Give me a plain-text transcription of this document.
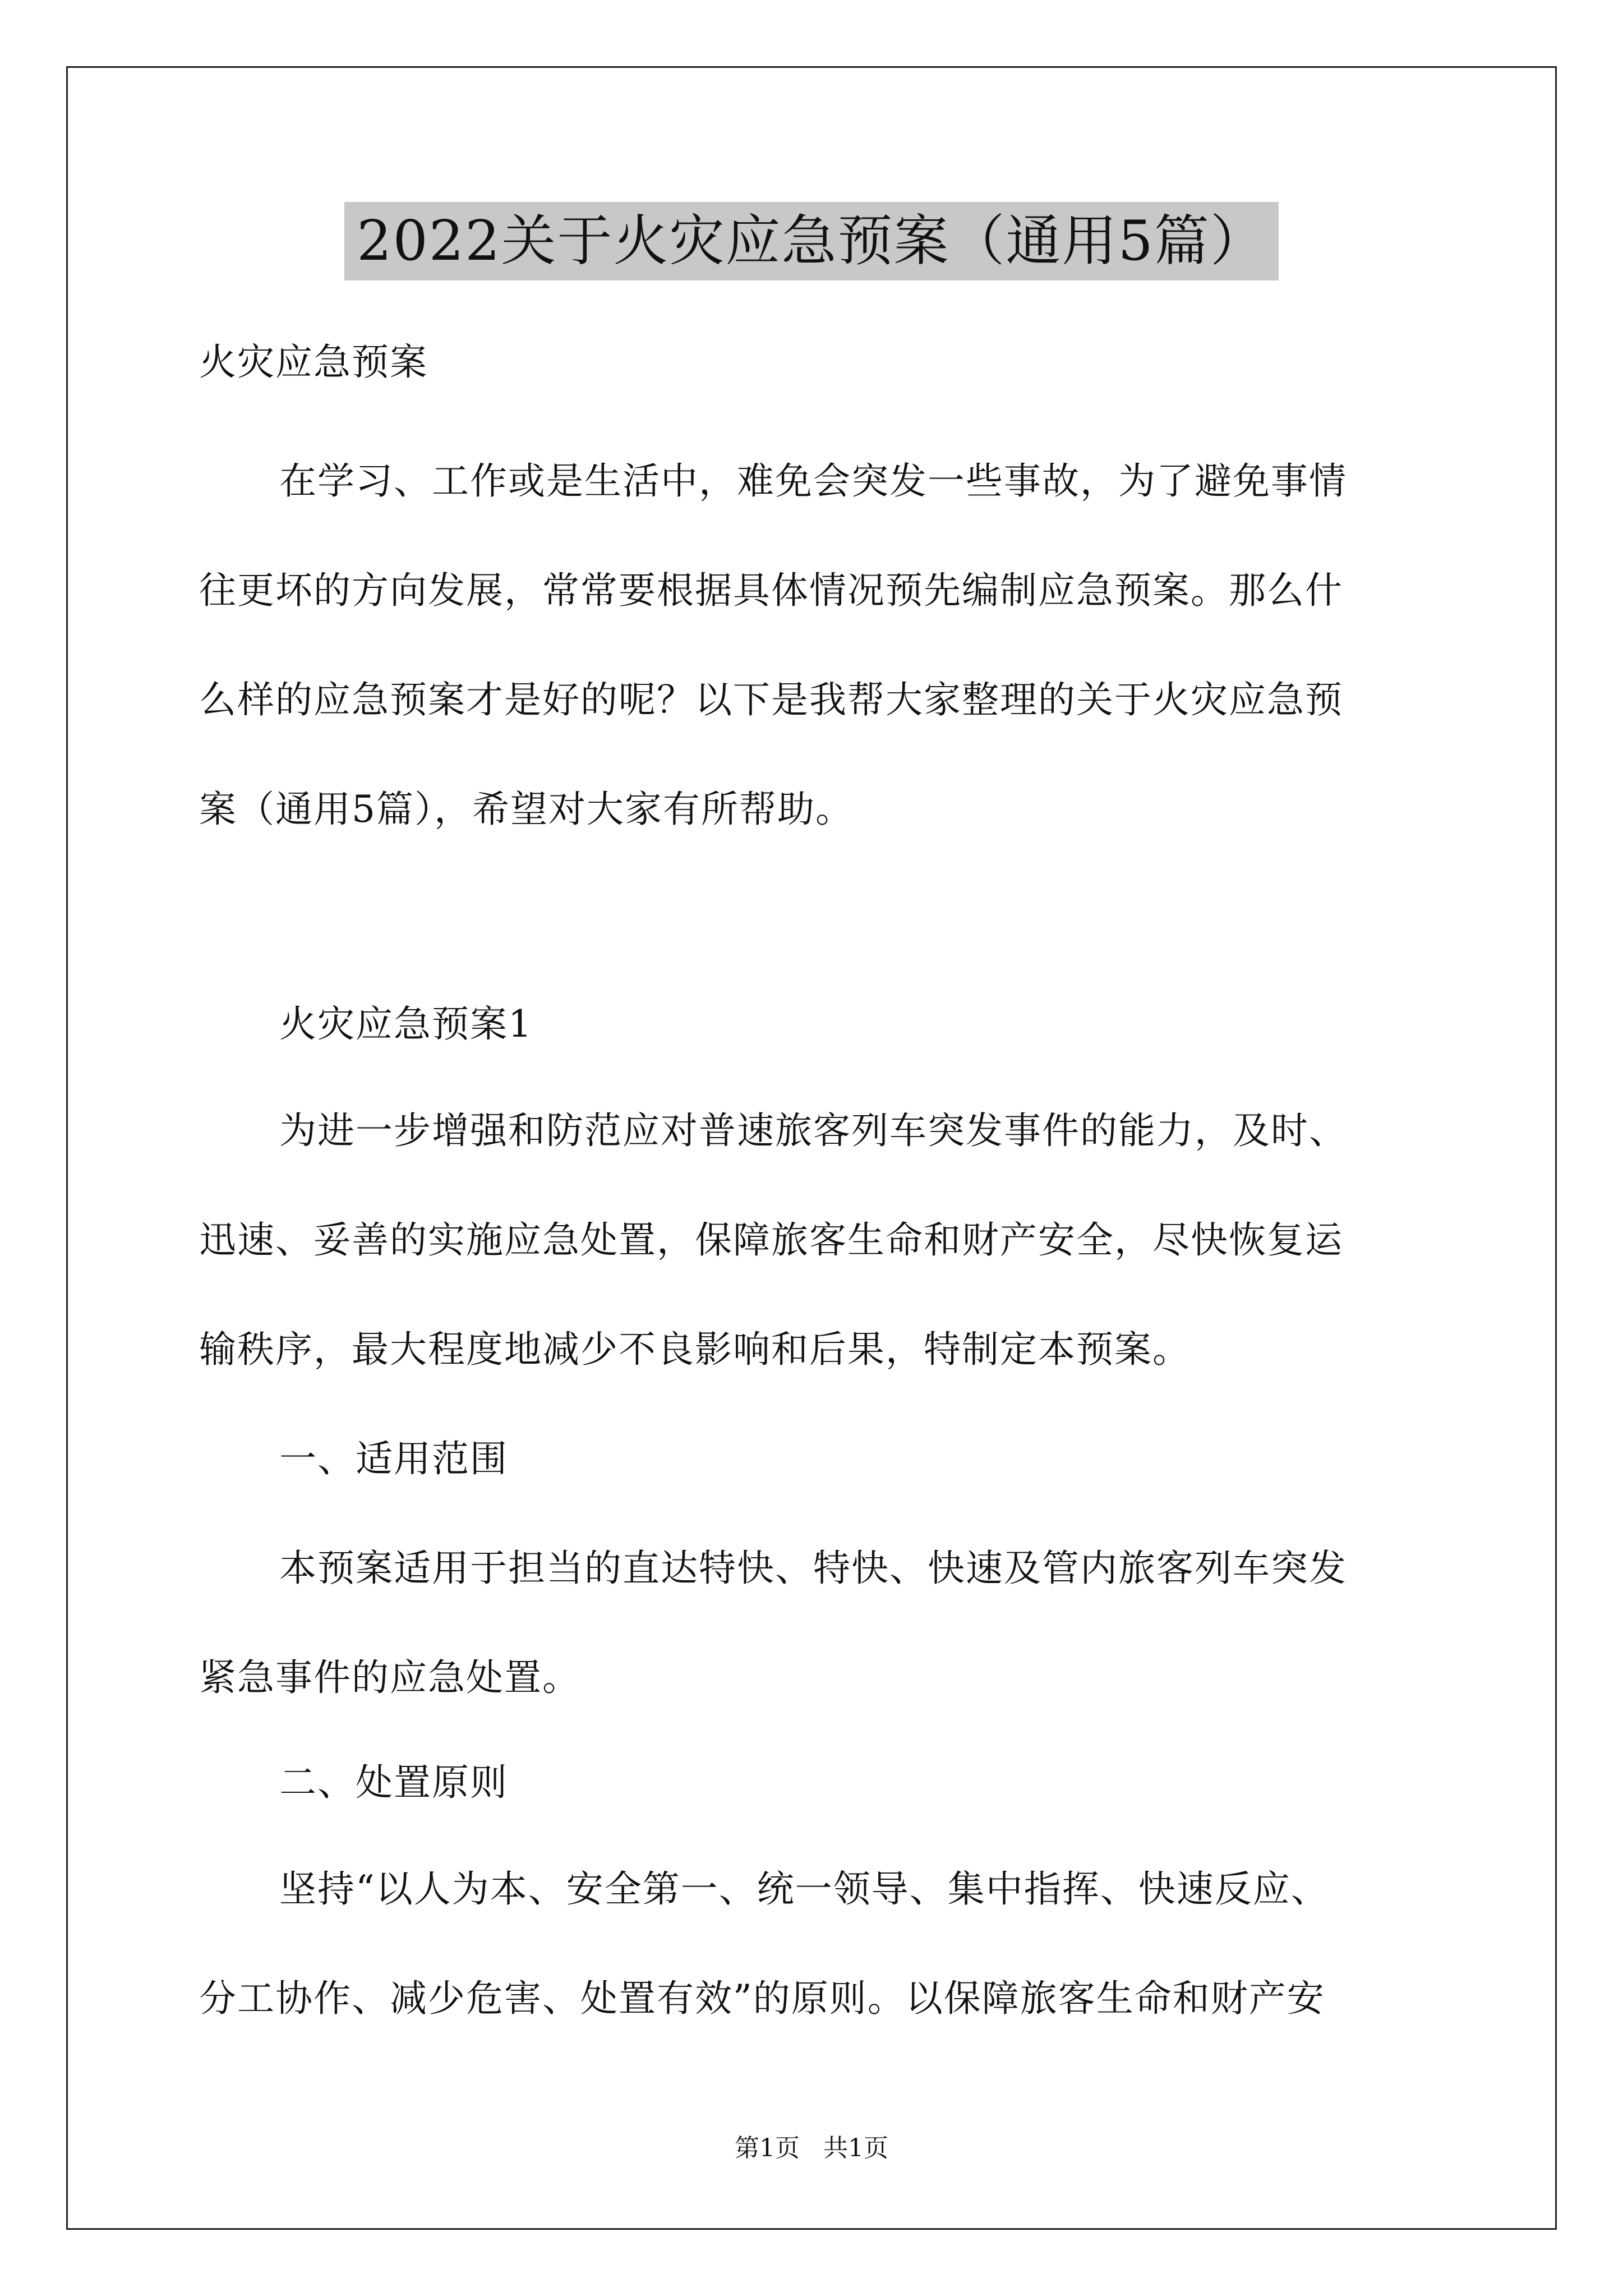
2022关于火灾应急预案（通用5篇）
火灾应急预案
在学习、工作或是生活中，难免会突发一些事故，为了避免事情
往更坏的方向发展，常常要根据具体情况预先编制应急预案。那么什
么样的应急预案才是好的呢？以下是我帮大家整理的关于火灾应急预
案（通用5篇），希望对大家有所帮助。
火灾应急预案1
为进一步增强和防范应对普速旅客列车突发事件的能力，及时、
迅速、妥善的实施应急处置，保障旅客生命和财产安全，尽快恢复运
输秩序，最大程度地减少不良影响和后果，特制定本预案。
一、适用范围
本预案适用于担当的直达特快、特快、快速及管内旅客列车突发
紧急事件的应急处置。
二、处置原则
坚持“以人为本、安全第一、统一领导、集中指挥、快速反应、
分工协作、减少危害、处置有效”的原则。以保障旅客生命和财产安
第1页 共1页
